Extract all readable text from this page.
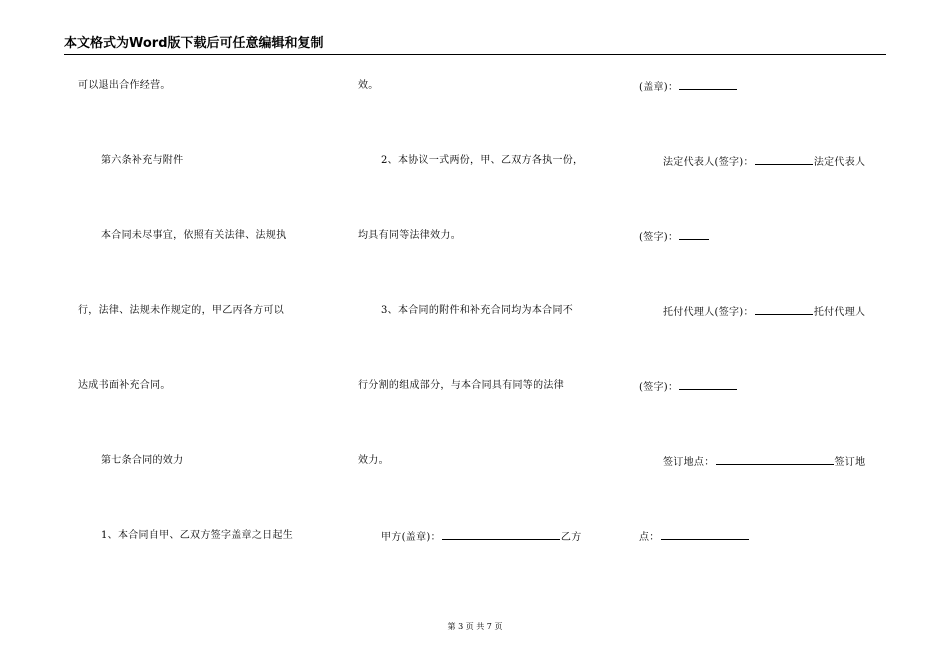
本文格式为Word版下载后可任意编辑和复制
可以退出合作经营。
第六条补充与附件
本合同未尽事宜，依照有关法律、法规执
行，法律、法规未作规定的，甲乙丙各方可以
达成书面补充合同。
第七条合同的效力
1、本合同自甲、乙双方签字盖章之日起生
效。
2、本协议一式两份，甲、乙双方各执一份，
均具有同等法律效力。
3、本合同的附件和补充合同均为本合同不
行分割的组成部分，与本合同具有同等的法律
效力。
甲方(盖章)：	乙方
(盖章)：
法定代表人(签字)：	法定代表人
(签字)：
托付代理人(签字)：	托付代理人
(签字)：
签订地点：	签订地
点：
第 3 页 共 7 页
